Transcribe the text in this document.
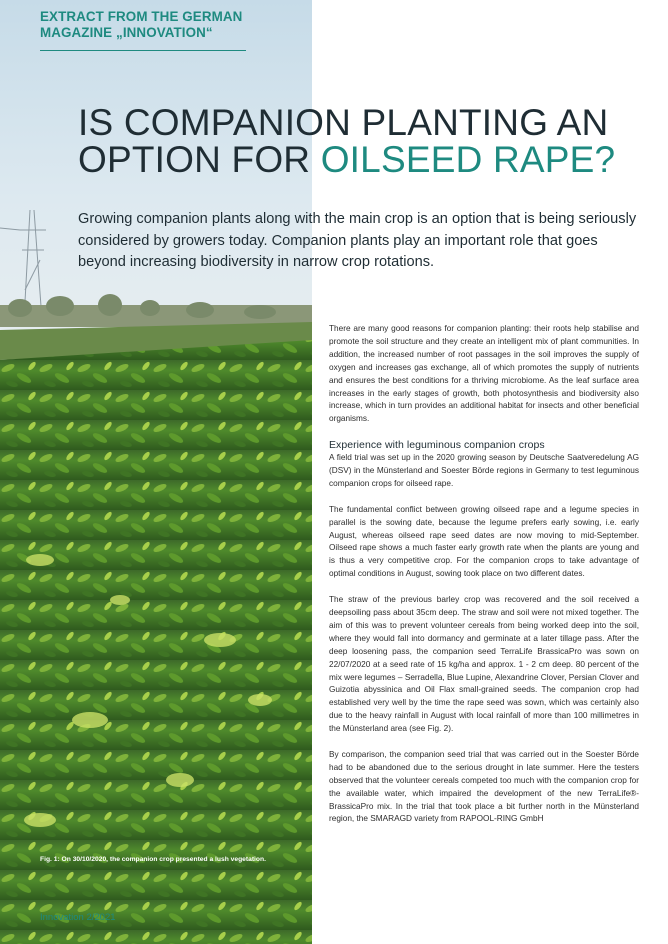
EXTRACT FROM THE GERMAN
MAGAZINE „INNOVATION“
IS COMPANION PLANTING AN
OPTION FOR OILSEED RAPE?

Growing companion plants along with the main crop is an option that is being seriously considered by growers today. Companion plants play an important role that goes beyond increasing biodiversity in narrow crop rotations.

There are many good reasons for companion planting: their roots help stabilise and promote the soil structure and they create an intelligent mix of plant communities. In addition, the increased number of root passages in the soil improves the supply of oxygen and increases gas exchange, all of which promotes the supply of nutrients and ensures the best conditions for a thriving microbiome. As the leaf surface area increases in the early stages of growth, both photosynthesis and biodiversity also increase, which in turn provides an additional habitat for insects and other beneficial organisms.

Experience with leguminous companion crops

A field trial was set up in the 2020 growing season by Deutsche Saatveredelung AG (DSV) in the Münsterland and Soester Börde regions in Germany to test leguminous companion crops for oilseed rape.

The fundamental conflict between growing oilseed rape and a legume species in parallel is the sowing date, because the legume prefers early sowing, i.e. early August, whereas oilseed rape seed dates are now moving to mid-September. Oilseed rape shows a much faster early growth rate when the plants are young and is thus a very competitive crop. For the companion crops to take advantage of optimal conditions in August, sowing took place on two different dates.

The straw of the previous barley crop was recovered and the soil received a deepsoiling pass about 35cm deep. The straw and soil were not mixed together. The aim of this was to prevent volunteer cereals from being worked deep into the soil, where they would fall into dormancy and germinate at a later tillage pass. After the deep loosening pass, the companion seed TerraLife BrassicaPro was sown on 22/07/2020 at a seed rate of 15 kg/ha and approx. 1 - 2 cm deep. 80 percent of the mix were legumes – Serradella, Blue Lupine, Alexandrine Clover, Persian Clover and Guizotia abyssinica and Oil Flax small-grained seeds. The companion crop had established very well by the time the rape seed was sown, which was certainly also due to the heavy rainfall in August with local rainfall of more than 100 millimetres in the Münsterland area (see Fig. 2).

By comparison, the companion seed trial that was carried out in the Soester Börde had to be abandoned due to the serious drought in late summer. Here the testers observed that the volunteer cereals competed too much with the companion crop for the available water, which impaired the development of the new TerraLife®-BrassicaPro mix. In the trial that took place a bit further north in the Münsterland region, the SMARAGD variety from RAPOOL-RING GmbH

Fig. 1: On 30/10/2020, the companion crop presented a lush vegetation.
Innovation 2/2021
